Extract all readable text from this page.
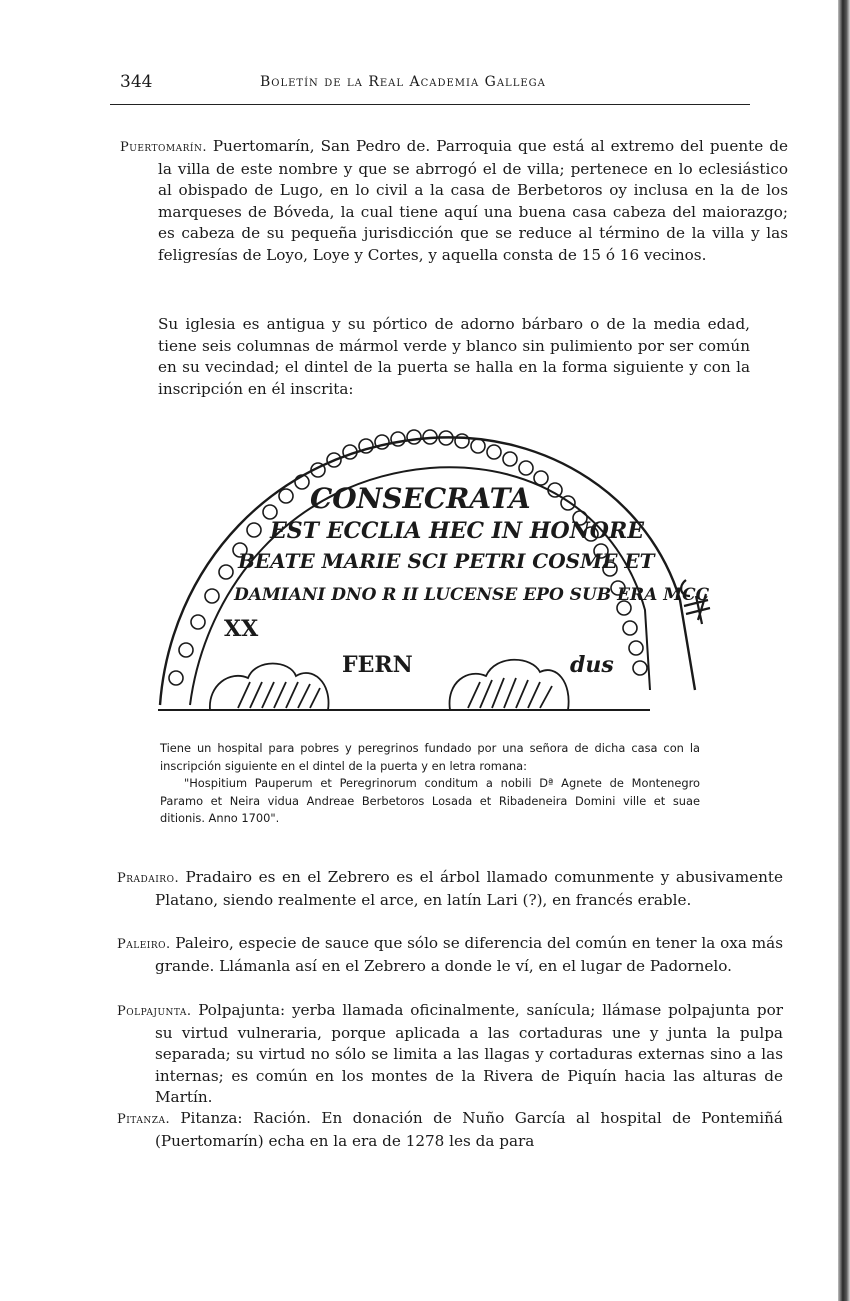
344	Boletín de la Real Academia Gallega
Puertomarín. Puertomarín, San Pedro de. Parroquia que está al extremo del puente de la villa de este nombre y que se abrrogó el de villa; pertenece en lo eclesiástico al obispado de Lugo, en lo civil a la casa de Berbetoros oy inclusa en la de los marqueses de Bóveda, la cual tiene aquí una buena casa cabeza del maiorazgo; es cabeza de su pequeña jurisdicción que se reduce al término de la villa y las feligresías de Loyo, Loye y Cortes, y aquella consta de 15 ó 16 vecinos.
Su iglesia es antigua y su pórtico de adorno bárbaro o de la media edad, tiene seis columnas de mármol verde y blanco sin pulimiento por ser común en su vecindad; el dintel de la puerta se halla en la forma siguiente y con la inscripción en él inscrita:
CONSECRATA
EST ECCLIA HEC IN HONORE
BEATE MARIE SCI PETRI COSME ET
DAMIANI DNO R II LUCENSE EPO SUB ERA MCC
XX
FERN	dus
Tiene un hospital para pobres y peregrinos fundado por una señora de dicha casa con la inscripción siguiente en el dintel de la puerta y en letra romana:
"Hospitium Pauperum et Peregrinorum conditum a nobili Dª Agnete de Montenegro Paramo et Neira vidua Andreae Berbetoros Losada et Ribadeneira Domini ville et suae ditionis. Anno 1700".
Pradairo. Pradairo es en el Zebrero es el árbol llamado comunmente y abusivamente Platano, siendo realmente el arce, en latín Lari (?), en francés erable.
Paleiro. Paleiro, especie de sauce que sólo se diferencia del común en tener la oxa más grande. Llámanla así en el Zebrero a donde le ví, en el lugar de Padornelo.
Polpajunta. Polpajunta: yerba llamada oficinalmente, sanícula; llámase polpajunta por su virtud vulneraria, porque aplicada a las cortaduras une y junta la pulpa separada; su virtud no sólo se limita a las llagas y cortaduras externas sino a las internas; es común en los montes de la Rivera de Piquín hacia las alturas de Martín.
Pitanza. Pitanza: Ración. En donación de Nuño García al hospital de Pontemiñá (Puertomarín) echa en la era de 1278 les da para
